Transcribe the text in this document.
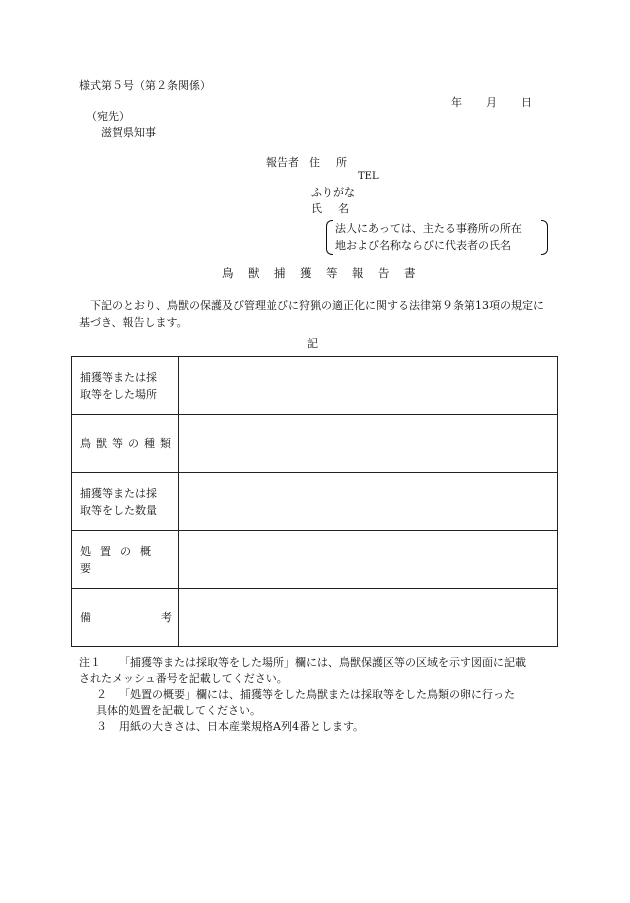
様式第５号（第２条関係）
年 月 日
（宛先）
滋賀県知事
報告者 住所
TEL
ふりがな
氏名
法人にあっては、主たる事務所の所在
地および名称ならびに代表者の氏名
鳥獣捕獲等報告書
下記のとおり、鳥獣の保護及び管理並びに狩猟の適正化に関する法律第９条第13項の規定に基づき、報告します。
記
捕獲等または採
取等をした場所	

鳥獣等の種類	

捕獲等または採
取等をした数量	

処置の概要	

備 考	

注１ 「捕獲等または採取等をした場所」欄には、鳥獣保護区等の区域を示す図面に記載
されたメッシュ番号を記載してください。
２ 「処置の概要」欄には、捕獲等をした鳥獣または採取等をした鳥類の卵に行った
具体的処置を記載してください。
３ 用紙の大きさは、日本産業規格A列4番とします。
